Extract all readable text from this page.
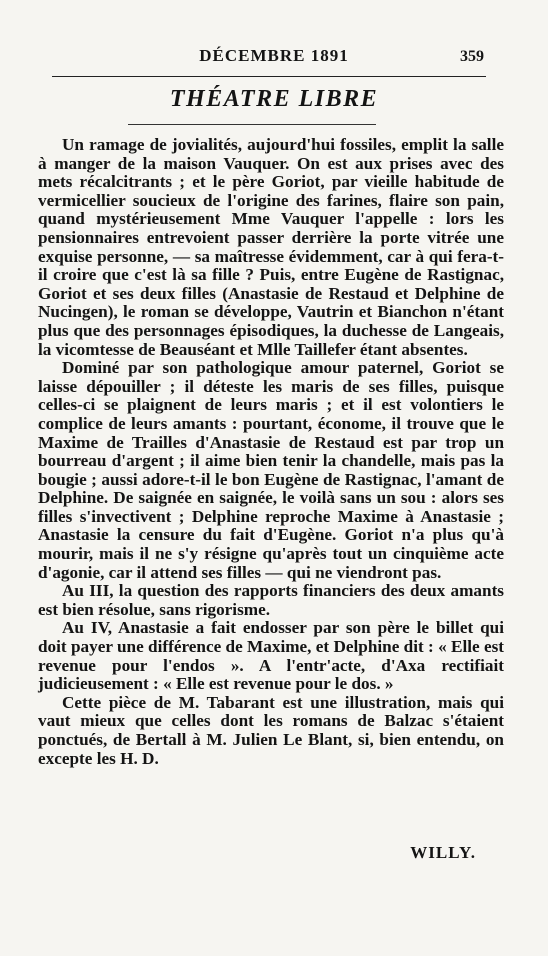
DÉCEMBRE 1891	359
THÉATRE LIBRE

Un ramage de jovialités, aujourd'hui fossiles, emplit la salle à manger de la maison Vauquer. On est aux prises avec des mets récalcitrants ; et le père Goriot, par vieille habitude de vermicellier soucieux de l'origine des farines, flaire son pain, quand mystérieusement Mme Vauquer l'appelle : lors les pensionnaires entrevoient passer derrière la porte vitrée une exquise personne, — sa maîtresse évidemment, car à qui fera-t-il croire que c'est là sa fille ? Puis, entre Eugène de Rastignac, Goriot et ses deux filles (Anastasie de Restaud et Delphine de Nucingen), le roman se développe, Vautrin et Bianchon n'étant plus que des personnages épisodiques, la duchesse de Langeais, la vicomtesse de Beauséant et Mlle Taillefer étant absentes.

Dominé par son pathologique amour paternel, Goriot se laisse dépouiller ; il déteste les maris de ses filles, puisque celles-ci se plaignent de leurs maris ; et il est volontiers le complice de leurs amants : pourtant, économe, il trouve que le Maxime de Trailles d'Anastasie de Restaud est par trop un bourreau d'argent ; il aime bien tenir la chandelle, mais pas la bougie ; aussi adore-t-il le bon Eugène de Rastignac, l'amant de Delphine. De saignée en saignée, le voilà sans un sou : alors ses filles s'invectivent ; Delphine reproche Maxime à Anastasie ; Anastasie la censure du fait d'Eugène. Goriot n'a plus qu'à mourir, mais il ne s'y résigne qu'après tout un cinquième acte d'agonie, car il attend ses filles — qui ne viendront pas.

Au III, la question des rapports financiers des deux amants est bien résolue, sans rigorisme.

Au IV, Anastasie a fait endosser par son père le billet qui doit payer une différence de Maxime, et Delphine dit : « Elle est revenue pour l'endos ». A l'entr'acte, d'Axa rectifiait judicieusement : « Elle est revenue pour le dos. »

Cette pièce de M. Tabarant est une illustration, mais qui vaut mieux que celles dont les romans de Balzac s'étaient ponctués, de Bertall à M. Julien Le Blant, si, bien entendu, on excepte les H. D.

WILLY.
